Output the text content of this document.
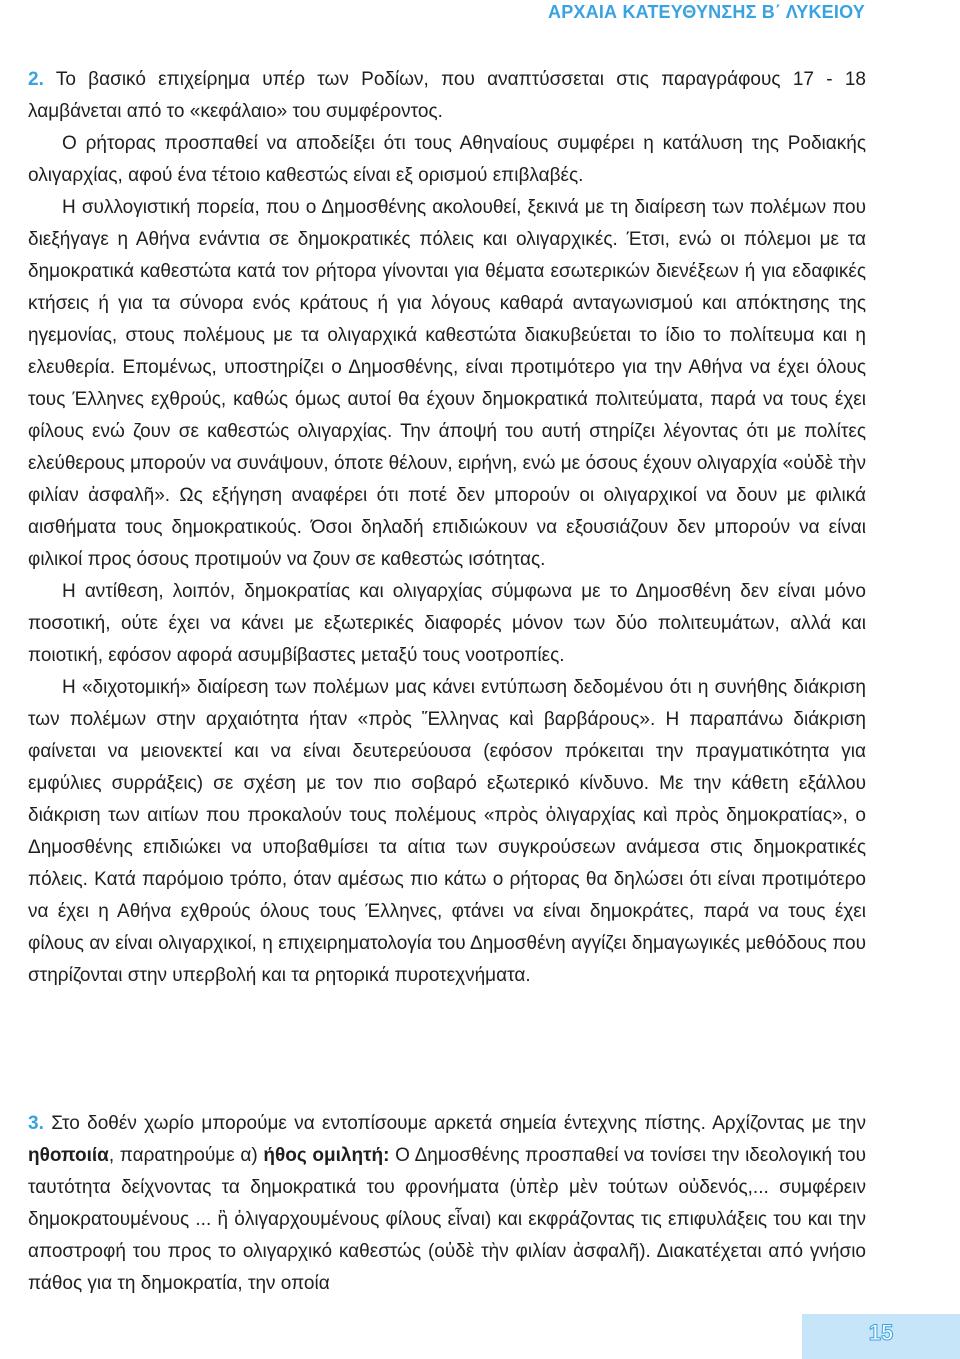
ΑΡΧΑΙΑ ΚΑΤΕΥΘΥΝΣΗΣ Β΄ ΛΥΚΕΙΟΥ

2. Το βασικό επιχείρημα υπέρ των Ροδίων, που αναπτύσσεται στις παραγράφους 17 - 18 λαμβάνεται από το «κεφάλαιο» του συμφέροντος.

Ο ρήτορας προσπαθεί να αποδείξει ότι τους Αθηναίους συμφέρει η κατάλυση της Ροδιακής ολιγαρχίας, αφού ένα τέτοιο καθεστώς είναι εξ ορισμού επιβλαβές.

Η συλλογιστική πορεία, που ο Δημοσθένης ακολουθεί, ξεκινά με τη διαίρεση των πολέμων που διεξήγαγε η Αθήνα ενάντια σε δημοκρατικές πόλεις και ολιγαρχικές. Έτσι, ενώ οι πόλεμοι με τα δημοκρατικά καθεστώτα κατά τον ρήτορα γίνονται για θέματα εσωτερικών διενέξεων ή για εδαφικές κτήσεις ή για τα σύνορα ενός κράτους ή για λόγους καθαρά ανταγωνισμού και απόκτησης της ηγεμονίας, στους πολέμους με τα ολιγαρχικά καθεστώτα διακυβεύεται το ίδιο το πολίτευμα και η ελευθερία. Επομένως, υποστηρίζει ο Δημοσθένης, είναι προτιμότερο για την Αθήνα να έχει όλους τους Έλληνες εχθρούς, καθώς όμως αυτοί θα έχουν δημοκρατικά πολιτεύματα, παρά να τους έχει φίλους ενώ ζουν σε καθεστώς ολιγαρχίας. Την άποψή του αυτή στηρίζει λέγοντας ότι με πολίτες ελεύθερους μπορούν να συνάψουν, όποτε θέλουν, ειρήνη, ενώ με όσους έχουν ολιγαρχία «οὐδὲ τὴν φιλίαν ἀσφαλῆ». Ως εξήγηση αναφέρει ότι ποτέ δεν μπορούν οι ολιγαρχικοί να δουν με φιλικά αισθήματα τους δημοκρατικούς. Όσοι δηλαδή επιδιώκουν να εξουσιάζουν δεν μπορούν να είναι φιλικοί προς όσους προτιμούν να ζουν σε καθεστώς ισότητας.

Η αντίθεση, λοιπόν, δημοκρατίας και ολιγαρχίας σύμφωνα με το Δημοσθένη δεν είναι μόνο ποσοτική, ούτε έχει να κάνει με εξωτερικές διαφορές μόνον των δύο πολιτευμάτων, αλλά και ποιοτική, εφόσον αφορά ασυμβίβαστες μεταξύ τους νοοτροπίες.

Η «διχοτομική» διαίρεση των πολέμων μας κάνει εντύπωση δεδομένου ότι η συνήθης διάκριση των πολέμων στην αρχαιότητα ήταν «πρὸς Ἕλληνας καὶ βαρβάρους». Η παραπάνω διάκριση φαίνεται να μειονεκτεί και να είναι δευτερεύουσα (εφόσον πρόκειται την πραγματικότητα για εμφύλιες συρράξεις) σε σχέση με τον πιο σοβαρό εξωτερικό κίνδυνο. Με την κάθετη εξάλλου διάκριση των αιτίων που προκαλούν τους πολέμους «πρὸς ὀλιγαρχίας καὶ πρὸς δημοκρατίας», ο Δημοσθένης επιδιώκει να υποβαθμίσει τα αίτια των συγκρούσεων ανάμεσα στις δημοκρατικές πόλεις. Κατά παρόμοιο τρόπο, όταν αμέσως πιο κάτω ο ρήτορας θα δηλώσει ότι είναι προτιμότερο να έχει η Αθήνα εχθρούς όλους τους Έλληνες, φτάνει να είναι δημοκράτες, παρά να τους έχει φίλους αν είναι ολιγαρχικοί, η επιχειρηματολογία του Δημοσθένη αγγίζει δημαγωγικές μεθόδους που στηρίζονται στην υπερβολή και τα ρητορικά πυροτεχνήματα.

3. Στο δοθέν χωρίο μπορούμε να εντοπίσουμε αρκετά σημεία έντεχνης πίστης. Αρχίζοντας με την ηθοποιία, παρατηρούμε α) ήθος ομιλητή: Ο Δημοσθένης προσπαθεί να τονίσει την ιδεολογική του ταυτότητα δείχνοντας τα δημοκρατικά του φρονήματα (ὑπὲρ μὲν τούτων οὐδενός,... συμφέρειν δημοκρατουμένους ... ἢ ὀλιγαρχουμένους φίλους εἶναι) και εκφράζοντας τις επιφυλάξεις του και την αποστροφή του προς το ολιγαρχικό καθεστώς (οὐδὲ τὴν φιλίαν ἀσφαλῆ). Διακατέχεται από γνήσιο πάθος για τη δημοκρατία, την οποία

15
